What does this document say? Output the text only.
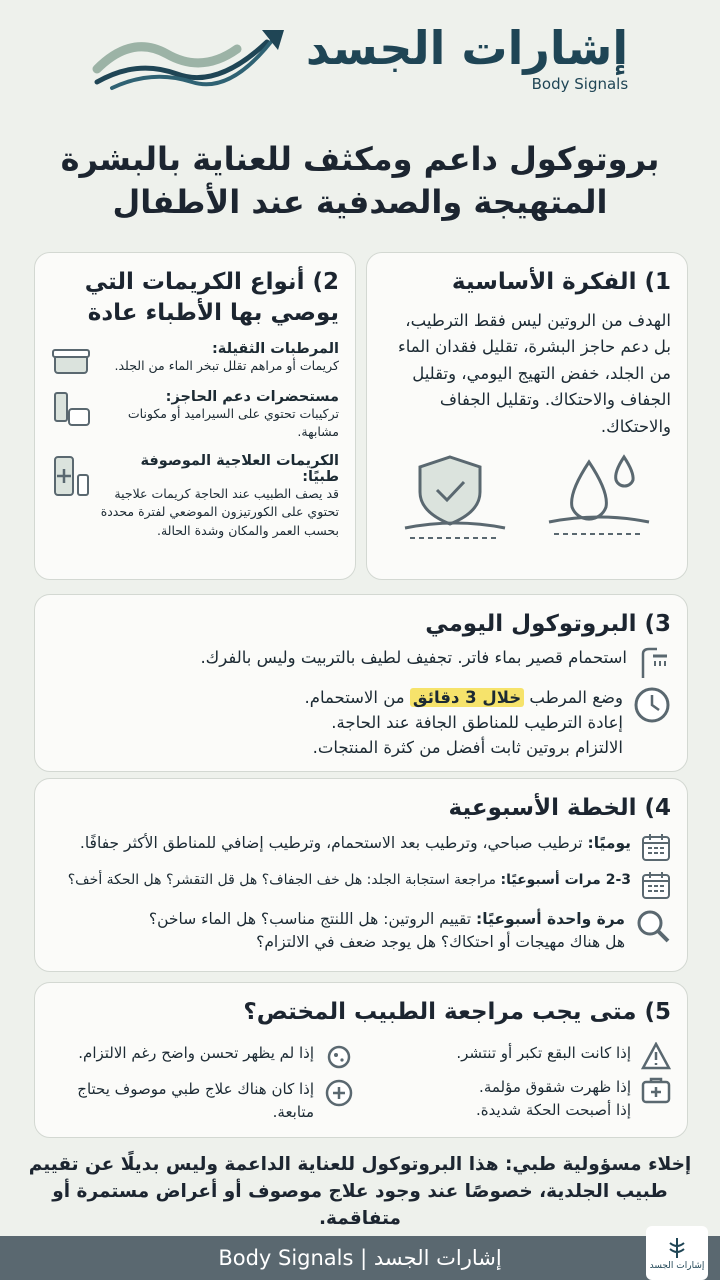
إشارات الجسد
Body Signals
بروتوكول داعم ومكثف للعناية بالبشرة
المتهيجة والصدفية عند الأطفال
1) الفكرة الأساسية

الهدف من الروتين ليس فقط الترطيب، بل دعم حاجز البشرة، تقليل فقدان الماء من الجلد، خفض التهيج اليومي، وتقليل الجفاف والاحتكاك. وتقليل الجفاف والاحتكاك.

2) أنواع الكريمات التي يوصي بها الأطباء عادة
المرطبات الثقيلة:
كريمات أو مراهم تقلل تبخر الماء من الجلد.
مستحضرات دعم الحاجز:
تركيبات تحتوي على السيراميد أو مكونات مشابهة.
الكريمات العلاجية الموصوفة طبيًا:
قد يصف الطبيب عند الحاجة كريمات علاجية تحتوي على الكورتيزون الموضعي لفترة محددة بحسب العمر والمكان وشدة الحالة.
3) البروتوكول اليومي
استحمام قصير بماء فاتر. تجفيف لطيف بالتربيت وليس بالفرك.
وضع المرطب خلال 3 دقائق من الاستحمام.
إعادة الترطيب للمناطق الجافة عند الحاجة.
الالتزام بروتين ثابت أفضل من كثرة المنتجات.
4) الخطة الأسبوعية
يوميًا: ترطيب صباحي، وترطيب بعد الاستحمام، وترطيب إضافي للمناطق الأكثر جفافًا.
2-3 مرات أسبوعيًا: مراجعة استجابة الجلد: هل خف الجفاف؟ هل قل التقشر؟ هل الحكة أخف؟
مرة واحدة أسبوعيًا: تقييم الروتين: هل اللنتج مناسب؟ هل الماء ساخن؟
هل هناك مهيجات أو احتكاك؟ هل يوجد ضعف في الالتزام؟
5) متى يجب مراجعة الطبيب المختص؟
إذا كانت البقع تكبر أو تنتشر.
إذا ظهرت شقوق مؤلمة.
إذا أصبحت الحكة شديدة.
إذا لم يظهر تحسن واضح رغم الالتزام.
إذا كان هناك علاج طبي موصوف يحتاج متابعة.
إخلاء مسؤولية طبي: هذا البروتوكول للعناية الداعمة وليس بديلًا عن تقييم طبيب الجلدية، خصوصًا عند وجود علاج موصوف أو أعراض مستمرة أو متفاقمة.
Body Signals | إشارات الجسد	إشارات الجسد
